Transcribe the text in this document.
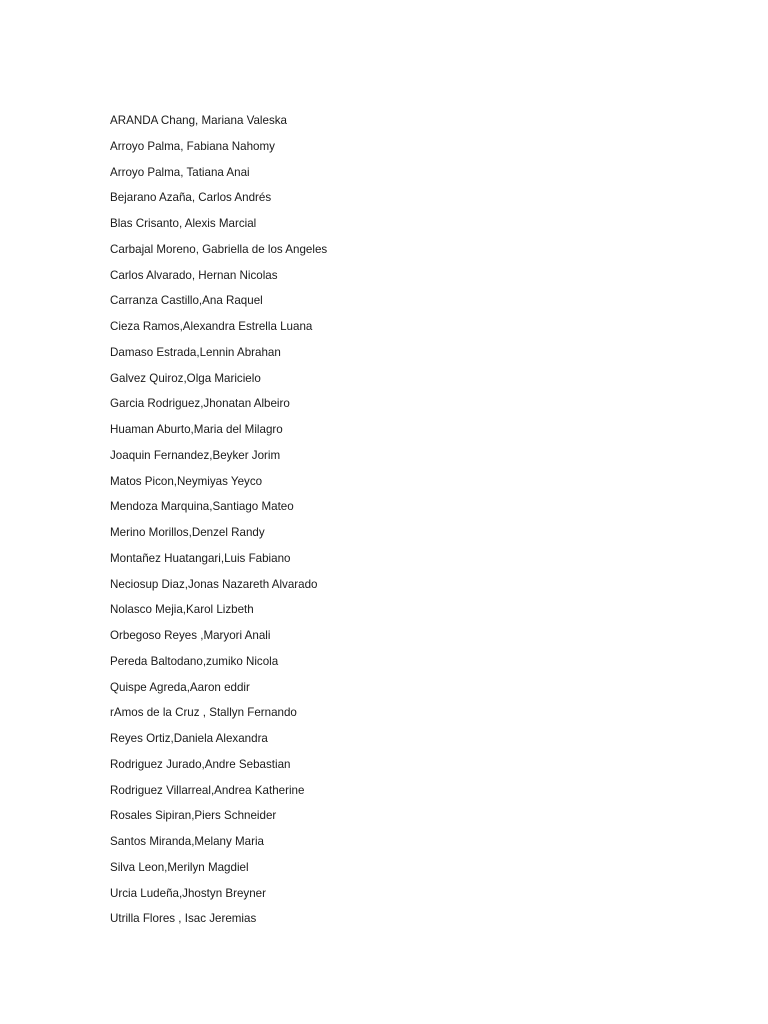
ARANDA Chang, Mariana Valeska
Arroyo Palma, Fabiana Nahomy
Arroyo Palma, Tatiana Anai
Bejarano Azaña, Carlos Andrés
Blas Crisanto, Alexis Marcial
Carbajal Moreno, Gabriella de los Angeles
Carlos Alvarado, Hernan Nicolas
Carranza Castillo,Ana Raquel
Cieza Ramos,Alexandra Estrella Luana
Damaso Estrada,Lennin Abrahan
Galvez Quiroz,Olga Maricielo
Garcia Rodriguez,Jhonatan Albeiro
Huaman Aburto,Maria del Milagro
Joaquin Fernandez,Beyker Jorim
Matos Picon,Neymiyas Yeyco
Mendoza Marquina,Santiago Mateo
Merino Morillos,Denzel Randy
Montañez Huatangari,Luis Fabiano
Neciosup Diaz,Jonas Nazareth Alvarado
Nolasco Mejia,Karol Lizbeth
Orbegoso Reyes ,Maryori Anali
Pereda Baltodano,zumiko Nicola
Quispe Agreda,Aaron eddir
rAmos de la Cruz , Stallyn Fernando
Reyes Ortiz,Daniela Alexandra
Rodriguez Jurado,Andre Sebastian
Rodriguez Villarreal,Andrea Katherine
Rosales Sipiran,Piers Schneider
Santos Miranda,Melany Maria
Silva Leon,Merilyn Magdiel
Urcia Ludeña,Jhostyn Breyner
Utrilla Flores , Isac Jeremias
